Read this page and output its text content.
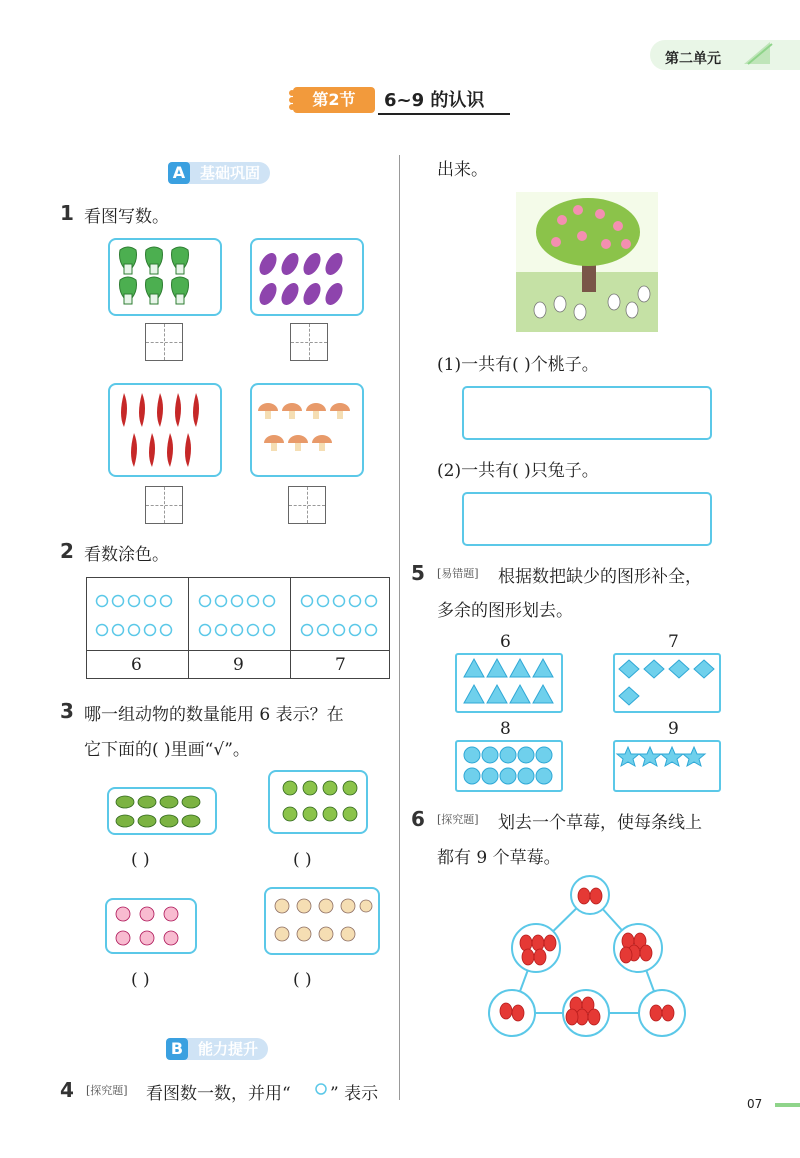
第二单元
第2节	6~9 的认识
基础巩固
A
1 看图写数。
2 看数涂色。
6	9	7
3 哪一组动物的数量能用 6 表示？在
它下面的( )里画“√”。
( )	( )
( )	( )
能力提升
B
4 [探究题] 看图数一数，并用“ ” 表示
出来。
(1)一共有( )个桃子。
(2)一共有( )只兔子。
5 [易错题] 根据数把缺少的图形补全，
多余的图形划去。
6	7
8	9
6 [探究题] 划去一个草莓，使每条线上
都有 9 个草莓。
07
